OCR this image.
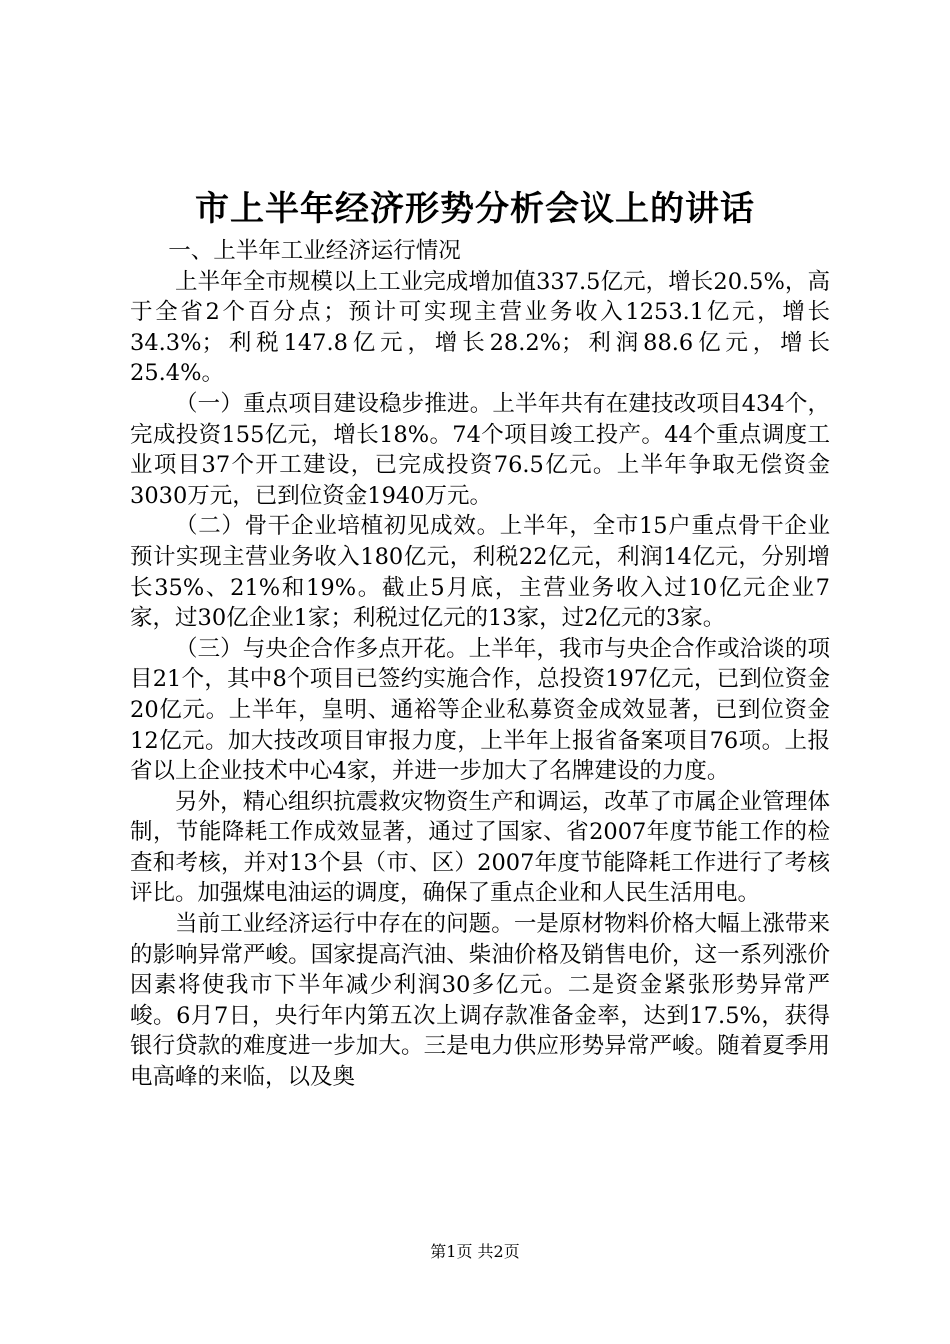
市上半年经济形势分析会议上的讲话

一、上半年工业经济运行情况

上半年全市规模以上工业完成增加值337.5亿元，增长20.5%，高于全省2个百分点；预计可实现主营业务收入1253.1亿元，增长34.3%；利税147.8亿元，增长28.2%；利润88.6亿元，增长25.4%。

（一）重点项目建设稳步推进。上半年共有在建技改项目434个，完成投资155亿元，增长18%。74个项目竣工投产。44个重点调度工业项目37个开工建设，已完成投资76.5亿元。上半年争取无偿资金3030万元，已到位资金1940万元。

（二）骨干企业培植初见成效。上半年，全市15户重点骨干企业预计实现主营业务收入180亿元，利税22亿元，利润14亿元，分别增长35%、21%和19%。截止5月底，主营业务收入过10亿元企业7家，过30亿企业1家；利税过亿元的13家，过2亿元的3家。

（三）与央企合作多点开花。上半年，我市与央企合作或洽谈的项目21个，其中8个项目已签约实施合作，总投资197亿元，已到位资金20亿元。上半年，皇明、通裕等企业私募资金成效显著，已到位资金12亿元。加大技改项目审报力度，上半年上报省备案项目76项。上报省以上企业技术中心4家，并进一步加大了名牌建设的力度。

另外，精心组织抗震救灾物资生产和调运，改革了市属企业管理体制，节能降耗工作成效显著，通过了国家、省2007年度节能工作的检查和考核，并对13个县（市、区）2007年度节能降耗工作进行了考核评比。加强煤电油运的调度，确保了重点企业和人民生活用电。

当前工业经济运行中存在的问题。一是原材物料价格大幅上涨带来的影响异常严峻。国家提高汽油、柴油价格及销售电价，这一系列涨价因素将使我市下半年减少利润30多亿元。二是资金紧张形势异常严峻。6月7日，央行年内第五次上调存款准备金率，达到17.5%，获得银行贷款的难度进一步加大。三是电力供应形势异常严峻。随着夏季用电高峰的来临，以及奥

第1页 共2页
